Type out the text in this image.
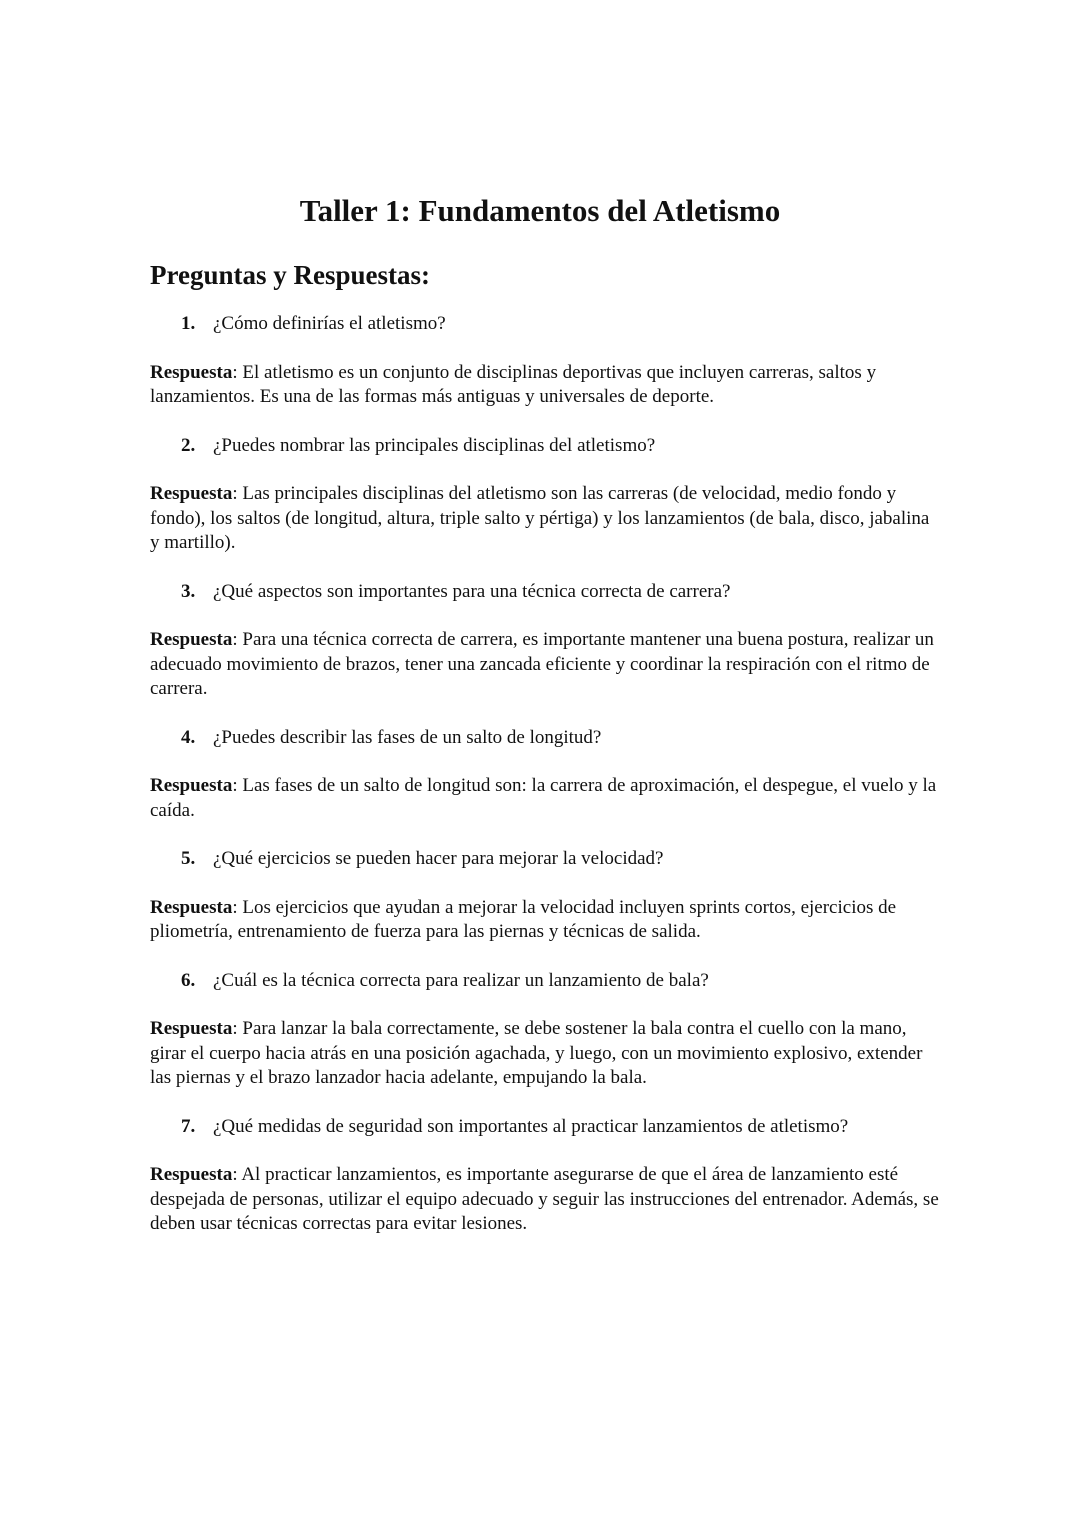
Taller 1: Fundamentos del Atletismo
Preguntas y Respuestas:

1. ¿Cómo definirías el atletismo?

Respuesta: El atletismo es un conjunto de disciplinas deportivas que incluyen carreras, saltos y lanzamientos. Es una de las formas más antiguas y universales de deporte.

2. ¿Puedes nombrar las principales disciplinas del atletismo?

Respuesta: Las principales disciplinas del atletismo son las carreras (de velocidad, medio fondo y fondo), los saltos (de longitud, altura, triple salto y pértiga) y los lanzamientos (de bala, disco, jabalina y martillo).

3. ¿Qué aspectos son importantes para una técnica correcta de carrera?

Respuesta: Para una técnica correcta de carrera, es importante mantener una buena postura, realizar un adecuado movimiento de brazos, tener una zancada eficiente y coordinar la respiración con el ritmo de carrera.

4. ¿Puedes describir las fases de un salto de longitud?

Respuesta: Las fases de un salto de longitud son: la carrera de aproximación, el despegue, el vuelo y la caída.

5. ¿Qué ejercicios se pueden hacer para mejorar la velocidad?

Respuesta: Los ejercicios que ayudan a mejorar la velocidad incluyen sprints cortos, ejercicios de pliometría, entrenamiento de fuerza para las piernas y técnicas de salida.

6. ¿Cuál es la técnica correcta para realizar un lanzamiento de bala?

Respuesta: Para lanzar la bala correctamente, se debe sostener la bala contra el cuello con la mano, girar el cuerpo hacia atrás en una posición agachada, y luego, con un movimiento explosivo, extender las piernas y el brazo lanzador hacia adelante, empujando la bala.

7. ¿Qué medidas de seguridad son importantes al practicar lanzamientos de atletismo?

Respuesta: Al practicar lanzamientos, es importante asegurarse de que el área de lanzamiento esté despejada de personas, utilizar el equipo adecuado y seguir las instrucciones del entrenador. Además, se deben usar técnicas correctas para evitar lesiones.
